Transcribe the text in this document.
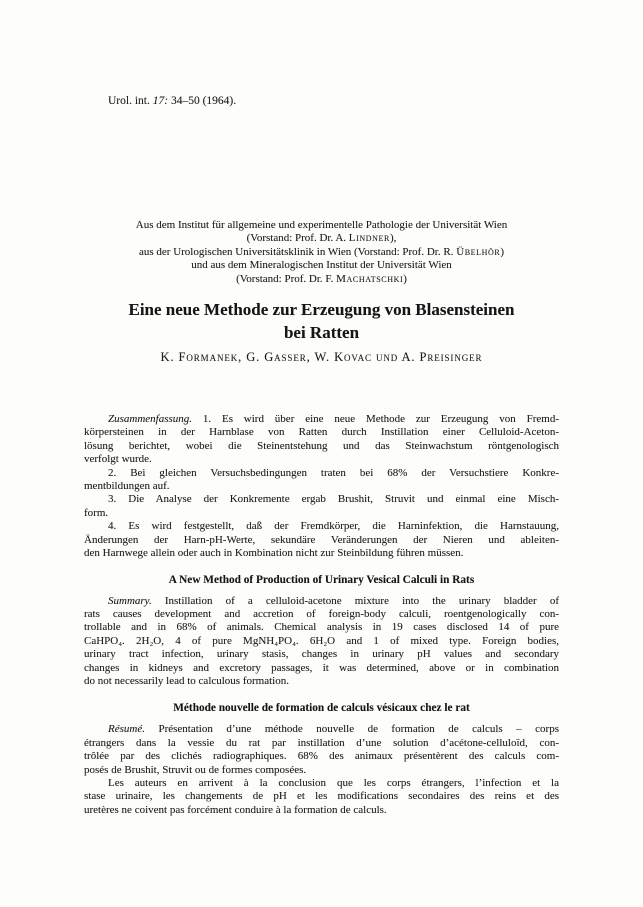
Urol. int. 17: 34–50 (1964).
Aus dem Institut für allgemeine und experimentelle Pathologie der Universität Wien
(Vorstand: Prof. Dr. A. Lindner),
aus der Urologischen Universitätsklinik in Wien (Vorstand: Prof. Dr. R. Übelhör)
und aus dem Mineralogischen Institut der Universität Wien
(Vorstand: Prof. Dr. F. Machatschki)
Eine neue Methode zur Erzeugung von Blasensteinen
bei Ratten
K. Formanek, G. Gasser, W. Kovac und A. Preisinger
Zusammenfassung. 1. Es wird über eine neue Methode zur Erzeugung von Fremd-
körpersteinen in der Harnblase von Ratten durch Instillation einer Celluloid-Aceton-
lösung berichtet, wobei die Steinentstehung und das Steinwachstum röntgenologisch
verfolgt wurde.
2. Bei gleichen Versuchsbedingungen traten bei 68% der Versuchstiere Konkre-
mentbildungen auf.
3. Die Analyse der Konkremente ergab Brushit, Struvit und einmal eine Misch-
form.
4. Es wird festgestellt, daß der Fremdkörper, die Harninfektion, die Harnstauung,
Änderungen der Harn-pH-Werte, sekundäre Veränderungen der Nieren und ableiten-
den Harnwege allein oder auch in Kombination nicht zur Steinbildung führen müssen.
A New Method of Production of Urinary Vesical Calculi in Rats
Summary. Instillation of a celluloid-acetone mixture into the urinary bladder of
rats causes development and accretion of foreign-body calculi, roentgenologically con-
trollable and in 68% of animals. Chemical analysis in 19 cases disclosed 14 of pure
CaHPO₄. 2H₂O, 4 of pure MgNH₄PO₄. 6H₂O and 1 of mixed type. Foreign bodies,
urinary tract infection, urinary stasis, changes in urinary pH values and secondary
changes in kidneys and excretory passages, it was determined, above or in combination
do not necessarily lead to calculous formation.
Méthode nouvelle de formation de calculs vésicaux chez le rat
Résumé. Présentation d’une méthode nouvelle de formation de calculs – corps
étrangers dans la vessie du rat par instillation d’une solution d’acétone-celluloïd, con-
trôlée par des clichés radiographiques. 68% des animaux présentèrent des calculs com-
posés de Brushit, Struvit ou de formes composées.
Les auteurs en arrivent à la conclusion que les corps étrangers, l’infection et la
stase urinaire, les changements de pH et les modifications secondaires des reins et des
uretères ne coivent pas forcément conduire à la formation de calculs.
